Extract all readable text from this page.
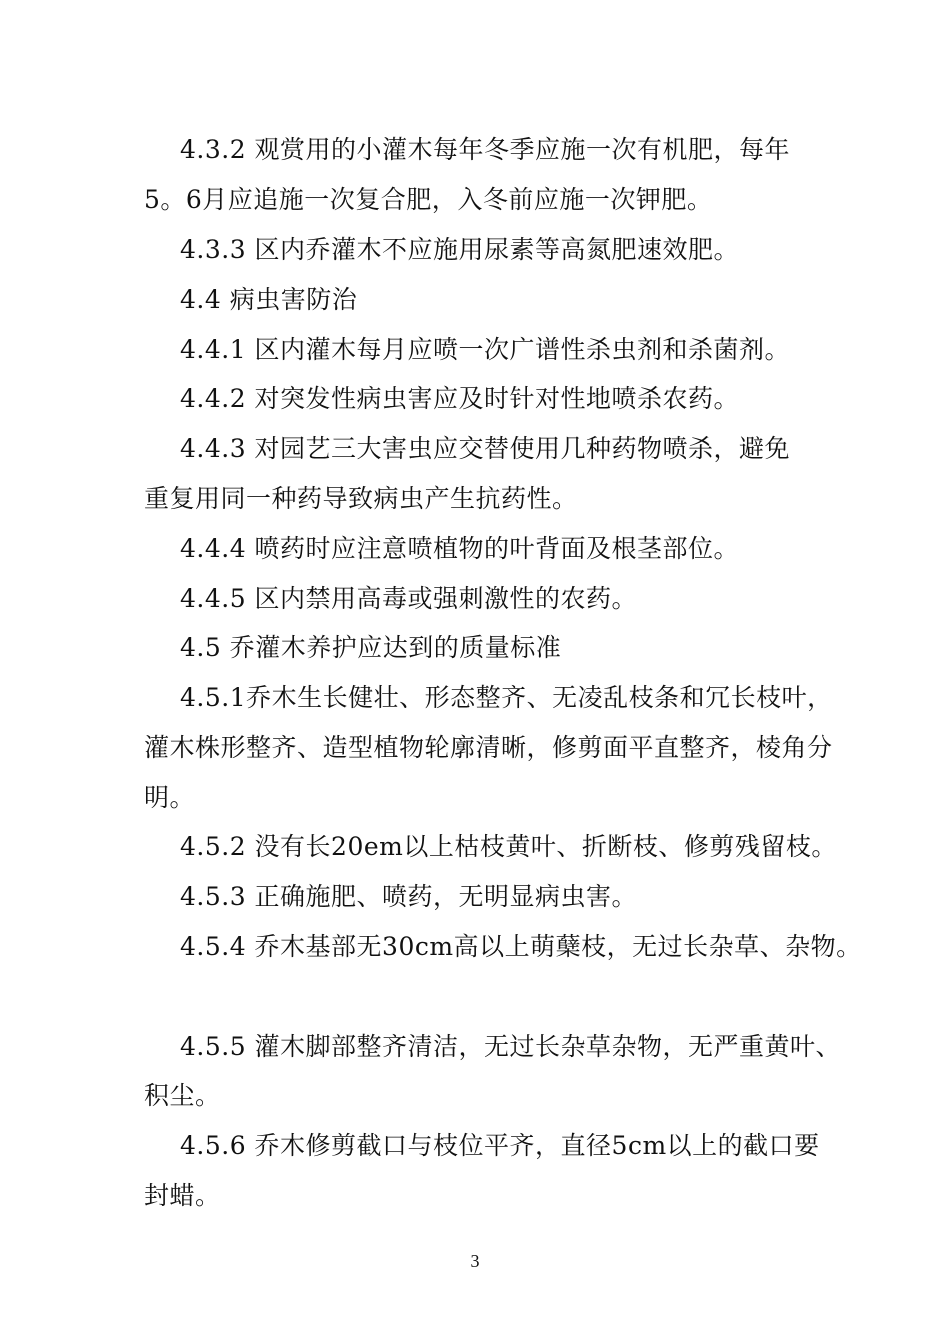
4.3.2 观赏用的小灌木每年冬季应施一次有机肥，每年
5。6月应追施一次复合肥，入冬前应施一次钾肥。
4.3.3 区内乔灌木不应施用尿素等高氮肥速效肥。
4.4 病虫害防治
4.4.1 区内灌木每月应喷一次广谱性杀虫剂和杀菌剂。
4.4.2 对突发性病虫害应及时针对性地喷杀农药。
4.4.3 对园艺三大害虫应交替使用几种药物喷杀，避免
重复用同一种药导致病虫产生抗药性。
4.4.4 喷药时应注意喷植物的叶背面及根茎部位。
4.4.5 区内禁用高毒或强刺激性的农药。
4.5 乔灌木养护应达到的质量标准
4.5.1乔木生长健壮、形态整齐、无凌乱枝条和冗长枝叶，
灌木株形整齐、造型植物轮廓清晰，修剪面平直整齐，棱角分
明。
4.5.2 没有长20em以上枯枝黄叶、折断枝、修剪残留枝。
4.5.3 正确施肥、喷药，无明显病虫害。
4.5.4 乔木基部无30cm高以上萌蘖枝，无过长杂草、杂物。
4.5.5 灌木脚部整齐清洁，无过长杂草杂物，无严重黄叶、
积尘。
4.5.6 乔木修剪截口与枝位平齐，直径5cm以上的截口要
封蜡。
3
